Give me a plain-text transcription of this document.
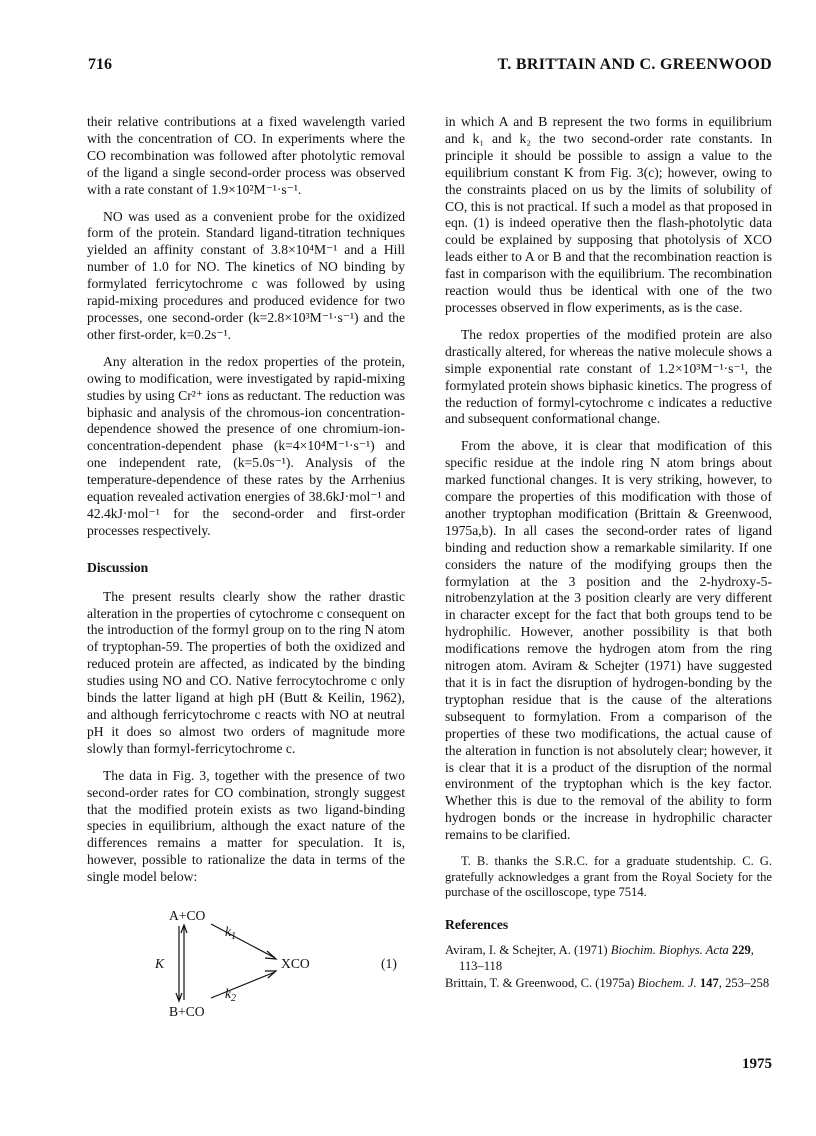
716	T. BRITTAIN AND C. GREENWOOD

their relative contributions at a fixed wavelength varied with the concentration of CO. In experiments where the CO recombination was followed after photolytic removal of the ligand a single second-order process was observed with a rate constant of 1.9×10²M⁻¹·s⁻¹.

NO was used as a convenient probe for the oxidized form of the protein. Standard ligand-titration techniques yielded an affinity constant of 3.8×10⁴M⁻¹ and a Hill number of 1.0 for NO. The kinetics of NO binding by formylated ferricytochrome c was followed by using rapid-mixing procedures and produced evidence for two processes, one second-order (k=2.8×10³M⁻¹·s⁻¹) and the other first-order, k=0.2s⁻¹.

Any alteration in the redox properties of the protein, owing to modification, were investigated by rapid-mixing studies by using Cr²⁺ ions as reductant. The reduction was biphasic and analysis of the chromous-ion concentration-dependence showed the presence of one chromium-ion-concentration-dependent phase (k=4×10⁴M⁻¹·s⁻¹) and one independent rate, (k=5.0s⁻¹). Analysis of the temperature-dependence of these rates by the Arrhenius equation revealed activation energies of 38.6kJ·mol⁻¹ and 42.4kJ·mol⁻¹ for the second-order and first-order processes respectively.

Discussion

The present results clearly show the rather drastic alteration in the properties of cytochrome c consequent on the introduction of the formyl group on to the ring N atom of tryptophan-59. The properties of both the oxidized and reduced protein are affected, as indicated by the binding studies using NO and CO. Native ferrocytochrome c only binds the latter ligand at high pH (Butt & Keilin, 1962), and although ferricytochrome c reacts with NO at neutral pH it does so almost two orders of magnitude more slowly than formyl-ferricytochrome c.

The data in Fig. 3, together with the presence of two second-order rates for CO combination, strongly suggest that the modified protein exists as two ligand-binding species in equilibrium, although the exact nature of the differences remains a matter for speculation. It is, however, possible to rationalize the data in terms of the single model below:

A+CO
B+CO
K
$k_1$
$k_2$
XCO	(1)

in which A and B represent the two forms in equilibrium and k₁ and k₂ the two second-order rate constants. In principle it should be possible to assign a value to the equilibrium constant K from Fig. 3(c); however, owing to the constraints placed on us by the limits of solubility of CO, this is not practical. If such a model as that proposed in eqn. (1) is indeed operative then the flash-photolytic data could be explained by supposing that photolysis of XCO leads either to A or B and that the recombination reaction is fast in comparison with the equilibrium. The recombination reaction would thus be identical with one of the two processes observed in flow experiments, as is the case.

The redox properties of the modified protein are also drastically altered, for whereas the native molecule shows a simple exponential rate constant of 1.2×10³M⁻¹·s⁻¹, the formylated protein shows biphasic kinetics. The progress of the reduction of formyl-cytochrome c indicates a reductive and subsequent conformational change.

From the above, it is clear that modification of this specific residue at the indole ring N atom brings about marked functional changes. It is very striking, however, to compare the properties of this modification with those of another tryptophan modification (Brittain & Greenwood, 1975a,b). In all cases the second-order rates of ligand binding and reduction show a remarkable similarity. If one considers the nature of the modifying groups then the formylation at the 3 position and the 2-hydroxy-5-nitrobenzylation at the 3 position clearly are very different in character except for the fact that both groups tend to be hydrophilic. However, another possibility is that both modifications remove the hydrogen atom from the ring nitrogen atom. Aviram & Schejter (1971) have suggested that it is in fact the disruption of hydrogen-bonding by the tryptophan residue that is the cause of the alterations subsequent to formylation. From a comparison of the properties of these two modifications, the actual cause of the alteration in function is not absolutely clear; however, it is clear that it is a product of the disruption of the normal environment of the tryptophan which is the key factor. Whether this is due to the removal of the ability to form hydrogen bonds or the increase in hydrophilic character remains to be clarified.

T. B. thanks the S.R.C. for a graduate studentship. C. G. gratefully acknowledges a grant from the Royal Society for the purchase of the oscilloscope, type 7514.

References
Aviram, I. & Schejter, A. (1971) Biochim. Biophys. Acta 229, 113–118
Brittain, T. & Greenwood, C. (1975a) Biochem. J. 147, 253–258
1975
